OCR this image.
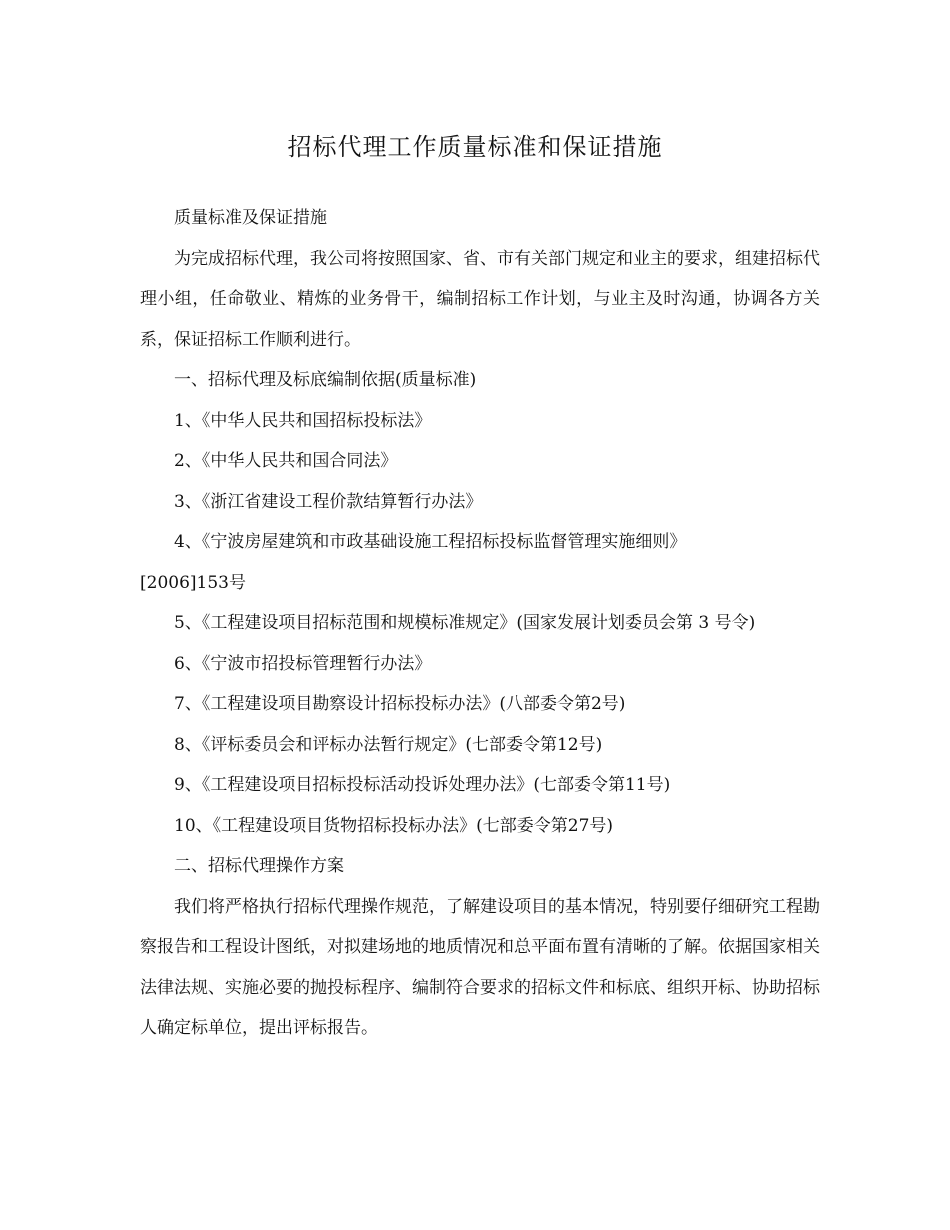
招标代理工作质量标准和保证措施

质量标准及保证措施

为完成招标代理，我公司将按照国家、省、市有关部门规定和业主的要求，组建招标代理小组，任命敬业、精炼的业务骨干，编制招标工作计划，与业主及时沟通，协调各方关系，保证招标工作顺利进行。

一、招标代理及标底编制依据(质量标准)

1、《中华人民共和国招标投标法》

2、《中华人民共和国合同法》

3、《浙江省建设工程价款结算暂行办法》

4、《宁波房屋建筑和市政基础设施工程招标投标监督管理实施细则》

[2006]153号

5、《工程建设项目招标范围和规模标准规定》(国家发展计划委员会第 3 号令)

6、《宁波市招投标管理暂行办法》

7、《工程建设项目勘察设计招标投标办法》(八部委令第2号)

8、《评标委员会和评标办法暂行规定》(七部委令第12号)

9、《工程建设项目招标投标活动投诉处理办法》(七部委令第11号)

10、《工程建设项目货物招标投标办法》(七部委令第27号)

二、招标代理操作方案

我们将严格执行招标代理操作规范，了解建设项目的基本情况，特别要仔细研究工程勘察报告和工程设计图纸，对拟建场地的地质情况和总平面布置有清晰的了解。依据国家相关法律法规、实施必要的抛投标程序、编制符合要求的招标文件和标底、组织开标、协助招标人确定标单位，提出评标报告。
